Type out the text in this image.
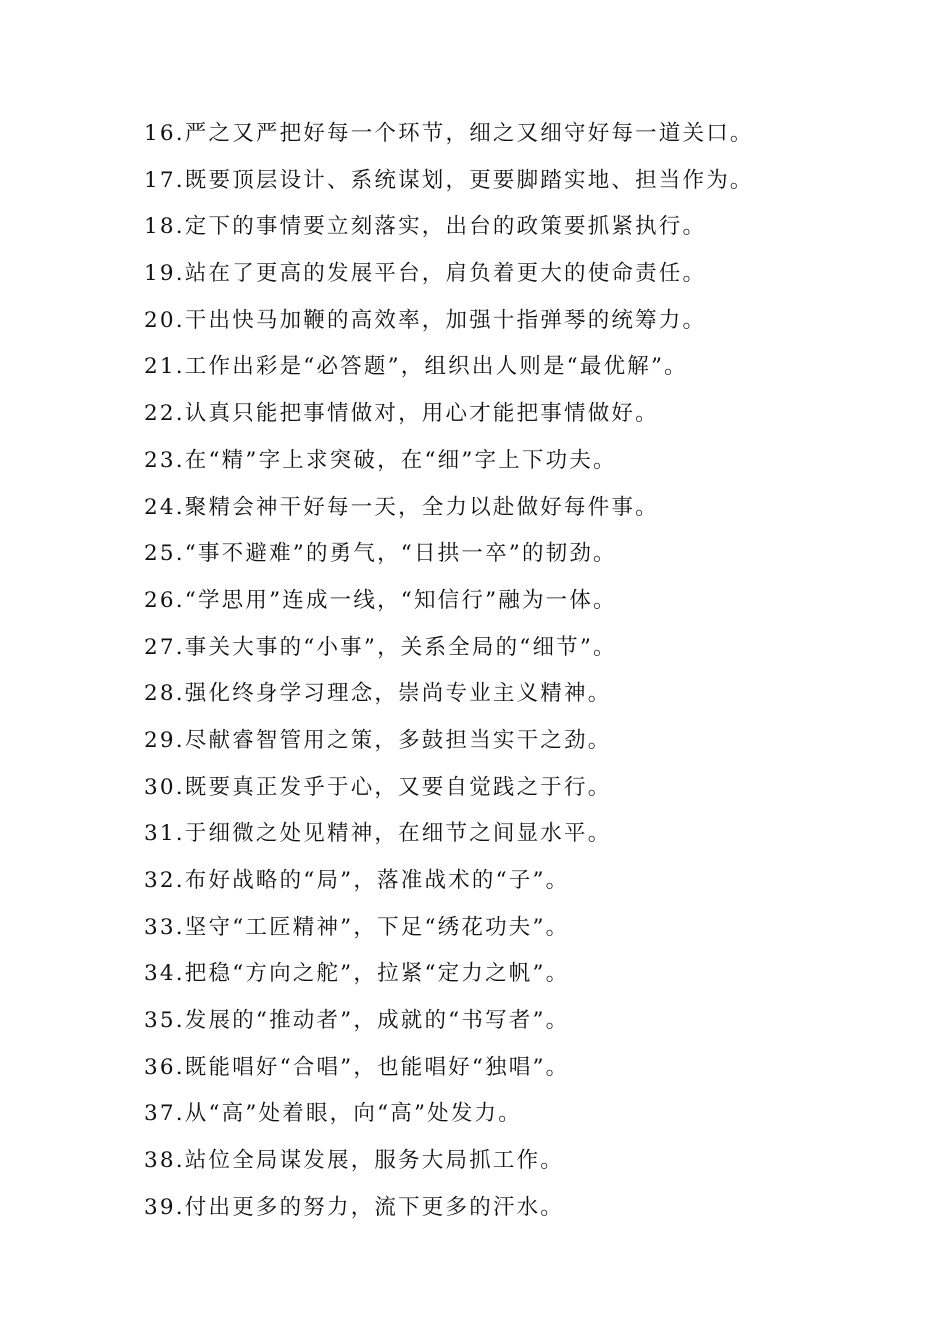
16.严之又严把好每一个环节，细之又细守好每一道关口。
17.既要顶层设计、系统谋划，更要脚踏实地、担当作为。
18.定下的事情要立刻落实，出台的政策要抓紧执行。
19.站在了更高的发展平台，肩负着更大的使命责任。
20.干出快马加鞭的高效率，加强十指弹琴的统筹力。
21.工作出彩是“必答题”，组织出人则是“最优解”。
22.认真只能把事情做对，用心才能把事情做好。
23.在“精”字上求突破，在“细”字上下功夫。
24.聚精会神干好每一天，全力以赴做好每件事。
25.“事不避难”的勇气，“日拱一卒”的韧劲。
26.“学思用”连成一线，“知信行”融为一体。
27.事关大事的“小事”，关系全局的“细节”。
28.强化终身学习理念，崇尚专业主义精神。
29.尽献睿智管用之策，多鼓担当实干之劲。
30.既要真正发乎于心，又要自觉践之于行。
31.于细微之处见精神，在细节之间显水平。
32.布好战略的“局”，落准战术的“子”。
33.坚守“工匠精神”，下足“绣花功夫”。
34.把稳“方向之舵”，拉紧“定力之帆”。
35.发展的“推动者”，成就的“书写者”。
36.既能唱好“合唱”，也能唱好“独唱”。
37.从“高”处着眼，向“高”处发力。
38.站位全局谋发展，服务大局抓工作。
39.付出更多的努力，流下更多的汗水。
